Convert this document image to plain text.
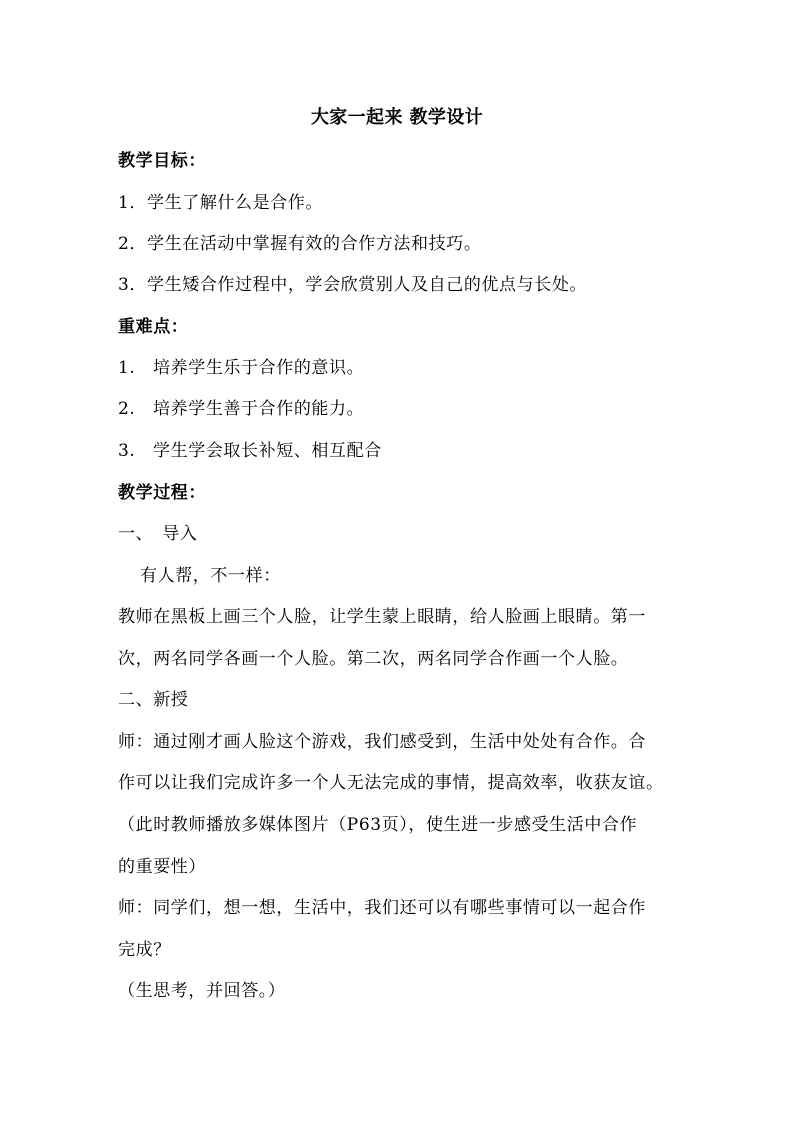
大家一起来 教学设计
教学目标：
1．学生了解什么是合作。
2．学生在活动中掌握有效的合作方法和技巧。
3．学生矮合作过程中，学会欣赏别人及自己的优点与长处。
重难点：
1.　培养学生乐于合作的意识。
2.　培养学生善于合作的能力。
3.　学生学会取长补短、相互配合
教学过程：
一、　导入
有人帮，不一样：
教师在黑板上画三个人脸，让学生蒙上眼睛，给人脸画上眼睛。第一
次，两名同学各画一个人脸。第二次，两名同学合作画一个人脸。
二、新授
师：通过刚才画人脸这个游戏，我们感受到，生活中处处有合作。合
作可以让我们完成许多一个人无法完成的事情，提高效率，收获友谊。
（此时教师播放多媒体图片（P63页），使生进一步感受生活中合作
的重要性）
师：同学们，想一想，生活中，我们还可以有哪些事情可以一起合作
完成？
（生思考，并回答。）
